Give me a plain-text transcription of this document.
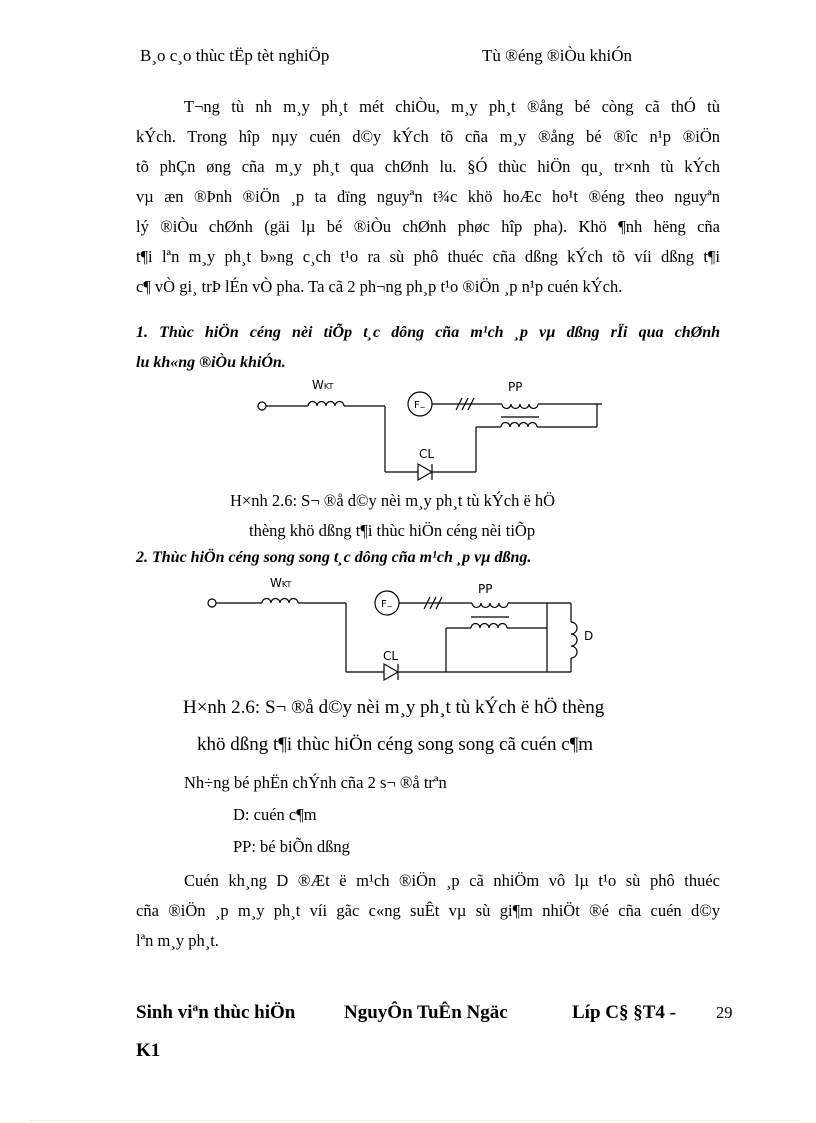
B¸o c¸o thùc tËp tèt nghiÖp	Tù ®éng ®iÒu khiÓn
T¬ng tù nh m¸y ph¸t mét chiÒu, m¸y ph¸t ®ång bé còng cã thÓ tù
kÝch. Trong hîp nµy cuén d©y kÝch tõ cña m¸y ®ång bé ®îc n¹p ®iÖn
tõ phÇn øng cña m¸y ph¸t qua chØnh lu. §Ó thùc hiÖn qu¸ tr×nh tù kÝch
vµ æn ®Þnh ®iÖn ¸p ta dïng nguyªn t¾c khö hoÆc ho¹t ®éng theo nguyªn
lý ®iÒu chØnh (gäi lµ bé ®iÒu chØnh phøc hîp pha). Khö ¶nh hëng cña
t¶i lªn m¸y ph¸t b»ng c¸ch t¹o ra sù phô thuéc cña dßng kÝch tõ víi dßng t¶i
c¶ vÒ gi¸ trÞ lÉn vÒ pha. Ta cã 2 ph¬ng ph¸p t¹o ®iÖn ¸p n¹p cuén kÝch.
1. Thùc hiÖn céng nèi tiÕp t¸c dông cña m¹ch ¸p vµ dßng rÏi qua chØnh
lu kh«ng ®iÒu khiÓn.
WKT
$F_\sim$
PP
CL
H×nh 2.6: S¬ ®å d©y nèi m¸y ph¸t tù kÝch ë hÖ
thèng khö dßng t¶i thùc hiÖn céng nèi tiÕp
2. Thùc hiÖn céng song song t¸c dông cña m¹ch ¸p vµ dßng.
WKT
$F_\sim$
PP
CL
D
H×nh 2.6: S¬ ®å d©y nèi m¸y ph¸t tù kÝch ë hÖ thèng
khö dßng t¶i thùc hiÖn céng song song cã cuén c¶m
Nh÷ng bé phËn chÝnh cña 2 s¬ ®å trªn
D: cuén c¶m
PP: bé biÕn dßng
Cuén kh¸ng D ®Æt ë m¹ch ®iÖn ¸p cã nhiÖm vô lµ t¹o sù phô thuéc
cña ®iÖn ¸p m¸y ph¸t víi gãc c«ng suÊt vµ sù gi¶m nhiÖt ®é cña cuén d©y
lªn m¸y ph¸t.
Sinh viªn thùc hiÖn	NguyÔn TuÊn Ngäc	Líp C§ §T4 - 29
K1
